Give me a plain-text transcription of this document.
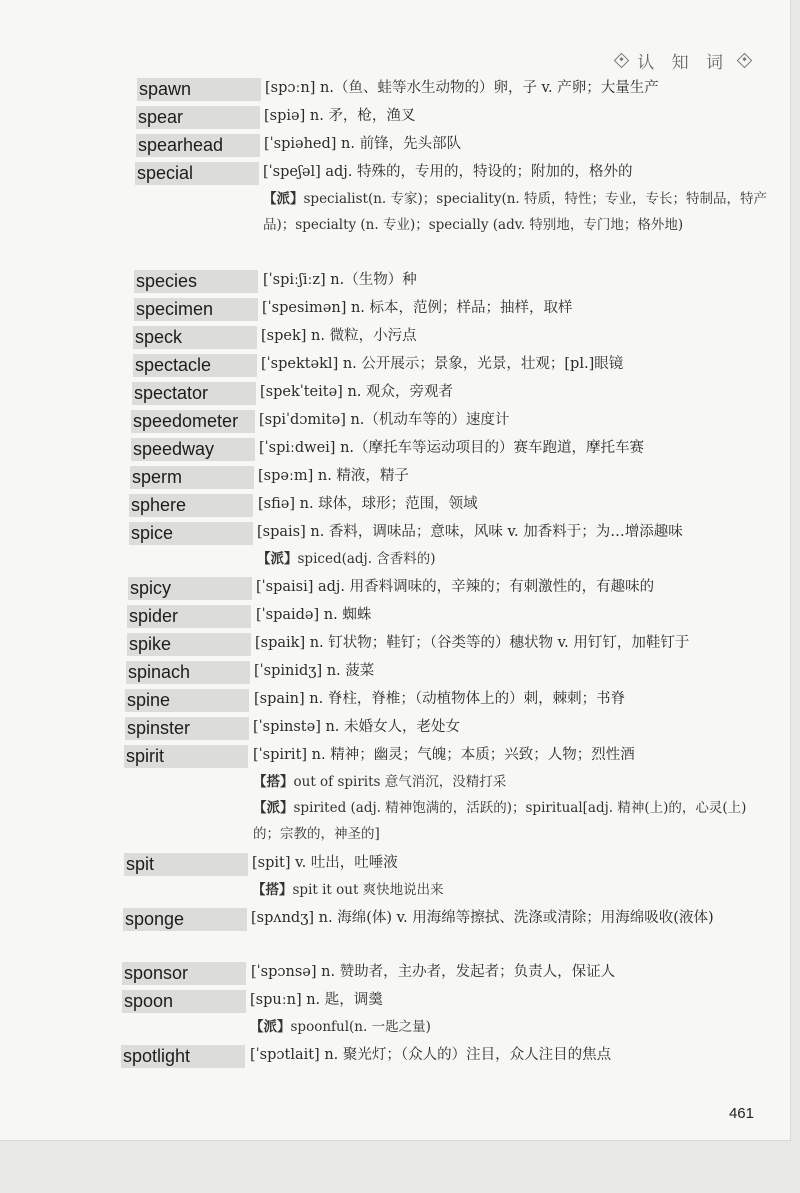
认 知 词
spawn	[spɔːn] n.（鱼、蛙等水生动物的）卵，子 v. 产卵；大量生产
spear	[spiə] n. 矛，枪，渔叉
spearhead	[ˈspiəhed] n. 前锋，先头部队
special	[ˈspeʃəl] adj. 特殊的，专用的，特设的；附加的，格外的
【派】specialist(n. 专家)；speciality(n. 特质，特性；专业，专长；特制品，特产品)；specialty (n. 专业)；specially (adv. 特别地，专门地；格外地)
species	[ˈspiːʃiːz] n.（生物）种
specimen	[ˈspesimən] n. 标本，范例；样品；抽样，取样
speck	[spek] n. 微粒，小污点
spectacle	[ˈspektəkl] n. 公开展示；景象，光景，壮观；[pl.]眼镜
spectator	[spekˈteitə] n. 观众，旁观者
speedometer	[spiˈdɔmitə] n.（机动车等的）速度计
speedway	[ˈspiːdwei] n.（摩托车等运动项目的）赛车跑道，摩托车赛
sperm	[spəːm] n. 精液，精子
sphere	[sfiə] n. 球体，球形；范围，领域
spice	[spais] n. 香料，调味品；意味，风味 v. 加香料于；为…增添趣味
【派】spiced(adj. 含香料的)
spicy	[ˈspaisi] adj. 用香料调味的，辛辣的；有刺激性的，有趣味的
spider	[ˈspaidə] n. 蜘蛛
spike	[spaik] n. 钉状物；鞋钉；（谷类等的）穗状物 v. 用钉钉，加鞋钉于
spinach	[ˈspinidʒ] n. 菠菜
spine	[spain] n. 脊柱，脊椎；（动植物体上的）刺，棘刺；书脊
spinster	[ˈspinstə] n. 未婚女人，老处女
spirit	[ˈspirit] n. 精神；幽灵；气魄；本质；兴致；人物；烈性酒
【搭】out of spirits 意气消沉，没精打采
【派】spirited (adj. 精神饱满的，活跃的)；spiritual[adj. 精神(上)的，心灵(上)的；宗教的，神圣的]
spit	[spit] v. 吐出，吐唾液
【搭】spit it out 爽快地说出来
sponge	[spʌndʒ] n. 海绵(体) v. 用海绵等擦拭、洗涤或清除；用海绵吸收(液体)
sponsor	[ˈspɔnsə] n. 赞助者，主办者，发起者；负责人，保证人
spoon	[spuːn] n. 匙，调羹
【派】spoonful(n. 一匙之量)
spotlight	[ˈspɔtlait] n. 聚光灯；（众人的）注目，众人注目的焦点
461
